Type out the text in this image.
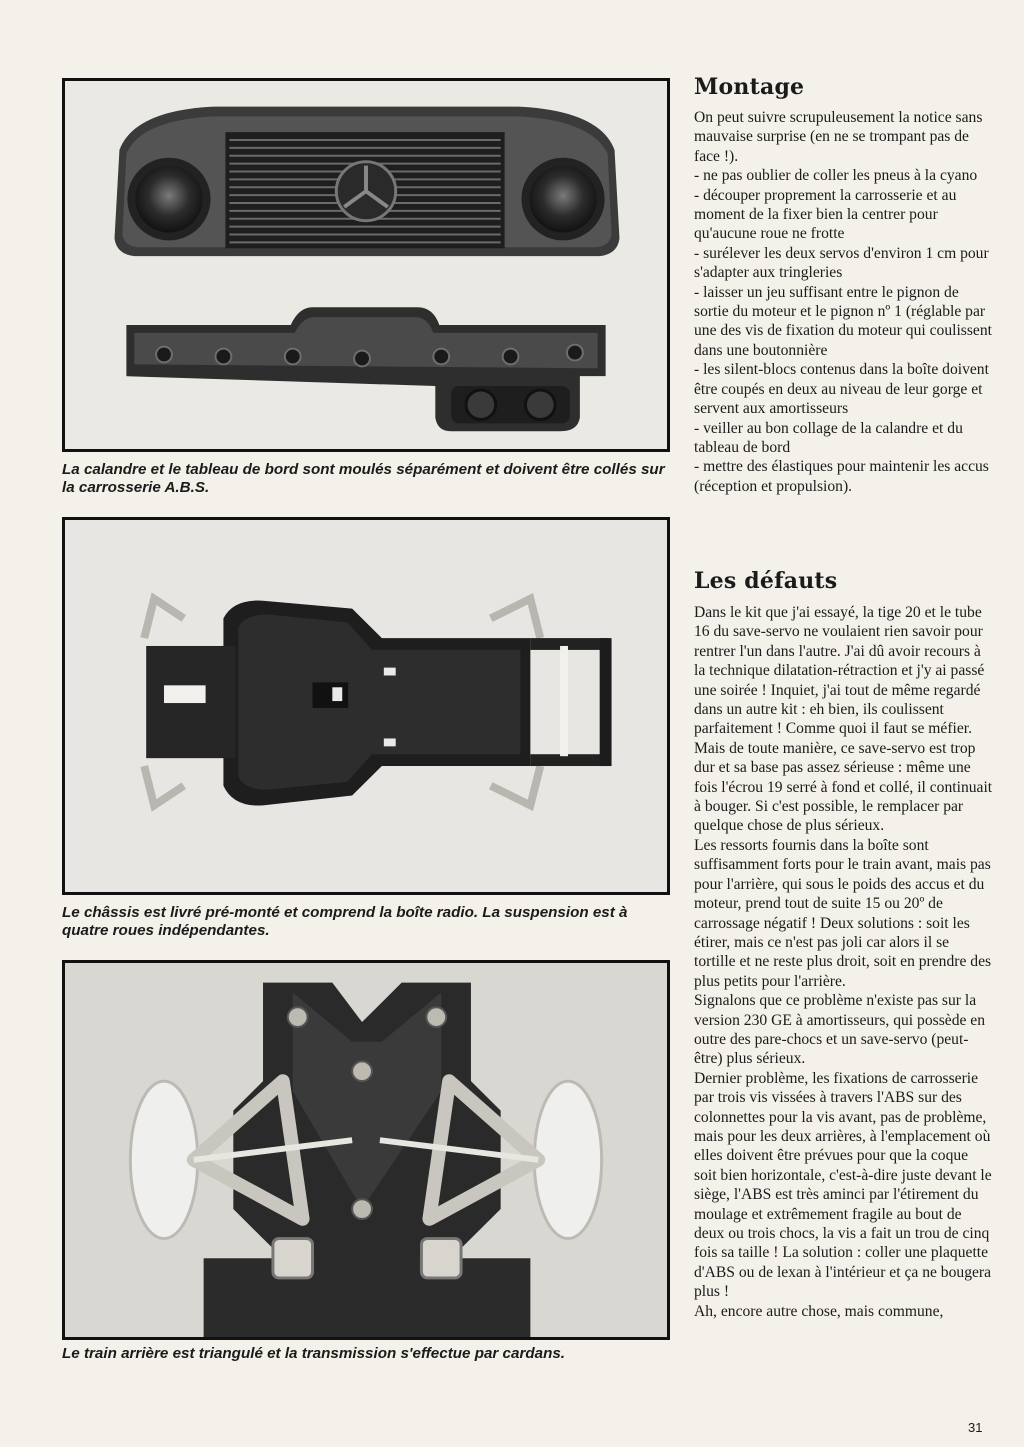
La calandre et le tableau de bord sont moulés séparément et doivent être collés sur la carrosserie A.B.S.

Le châssis est livré pré-monté et comprend la boîte radio. La suspension est à quatre roues indépendantes.

Le train arrière est triangulé et la transmission s'effectue par cardans.

Montage

On peut suivre scrupuleusement la notice sans mauvaise surprise (en ne se trompant pas de face !).

- ne pas oublier de coller les pneus à la cyano
- découper proprement la carrosserie et au moment de la fixer bien la centrer pour qu'aucune roue ne frotte
- surélever les deux servos d'environ 1 cm pour s'adapter aux tringleries
- laisser un jeu suffisant entre le pignon de sortie du moteur et le pignon nº 1 (réglable par une des vis de fixation du moteur qui coulissent dans une boutonnière
- les silent-blocs contenus dans la boîte doivent être coupés en deux au niveau de leur gorge et servent aux amortisseurs
- veiller au bon collage de la calandre et du tableau de bord
- mettre des élastiques pour maintenir les accus (réception et propulsion).
Les défauts

Dans le kit que j'ai essayé, la tige 20 et le tube 16 du save-servo ne voulaient rien savoir pour rentrer l'un dans l'autre. J'ai dû avoir recours à la technique dilatation-rétraction et j'y ai passé une soirée ! Inquiet, j'ai tout de même regardé dans un autre kit : eh bien, ils coulissent parfaitement ! Comme quoi il faut se méfier. Mais de toute manière, ce save-servo est trop dur et sa base pas assez sérieuse : même une fois l'écrou 19 serré à fond et collé, il continuait à bouger. Si c'est possible, le remplacer par quelque chose de plus sérieux.

Les ressorts fournis dans la boîte sont suffisamment forts pour le train avant, mais pas pour l'arrière, qui sous le poids des accus et du moteur, prend tout de suite 15 ou 20º de carrossage négatif ! Deux solutions : soit les étirer, mais ce n'est pas joli car alors il se tortille et ne reste plus droit, soit en prendre des plus petits pour l'arrière.

Signalons que ce problème n'existe pas sur la version 230 GE à amortisseurs, qui possède en outre des pare-chocs et un save-servo (peut-être) plus sérieux.

Dernier problème, les fixations de carrosserie par trois vis vissées à travers l'ABS sur des colonnettes pour la vis avant, pas de problème, mais pour les deux arrières, à l'emplacement où elles doivent être prévues pour que la coque soit bien horizontale, c'est-à-dire juste devant le siège, l'ABS est très aminci par l'étirement du moulage et extrêmement fragile au bout de deux ou trois chocs, la vis a fait un trou de cinq fois sa taille ! La solution : coller une plaquette d'ABS ou de lexan à l'intérieur et ça ne bougera plus !

Ah, encore autre chose, mais commune,

31
